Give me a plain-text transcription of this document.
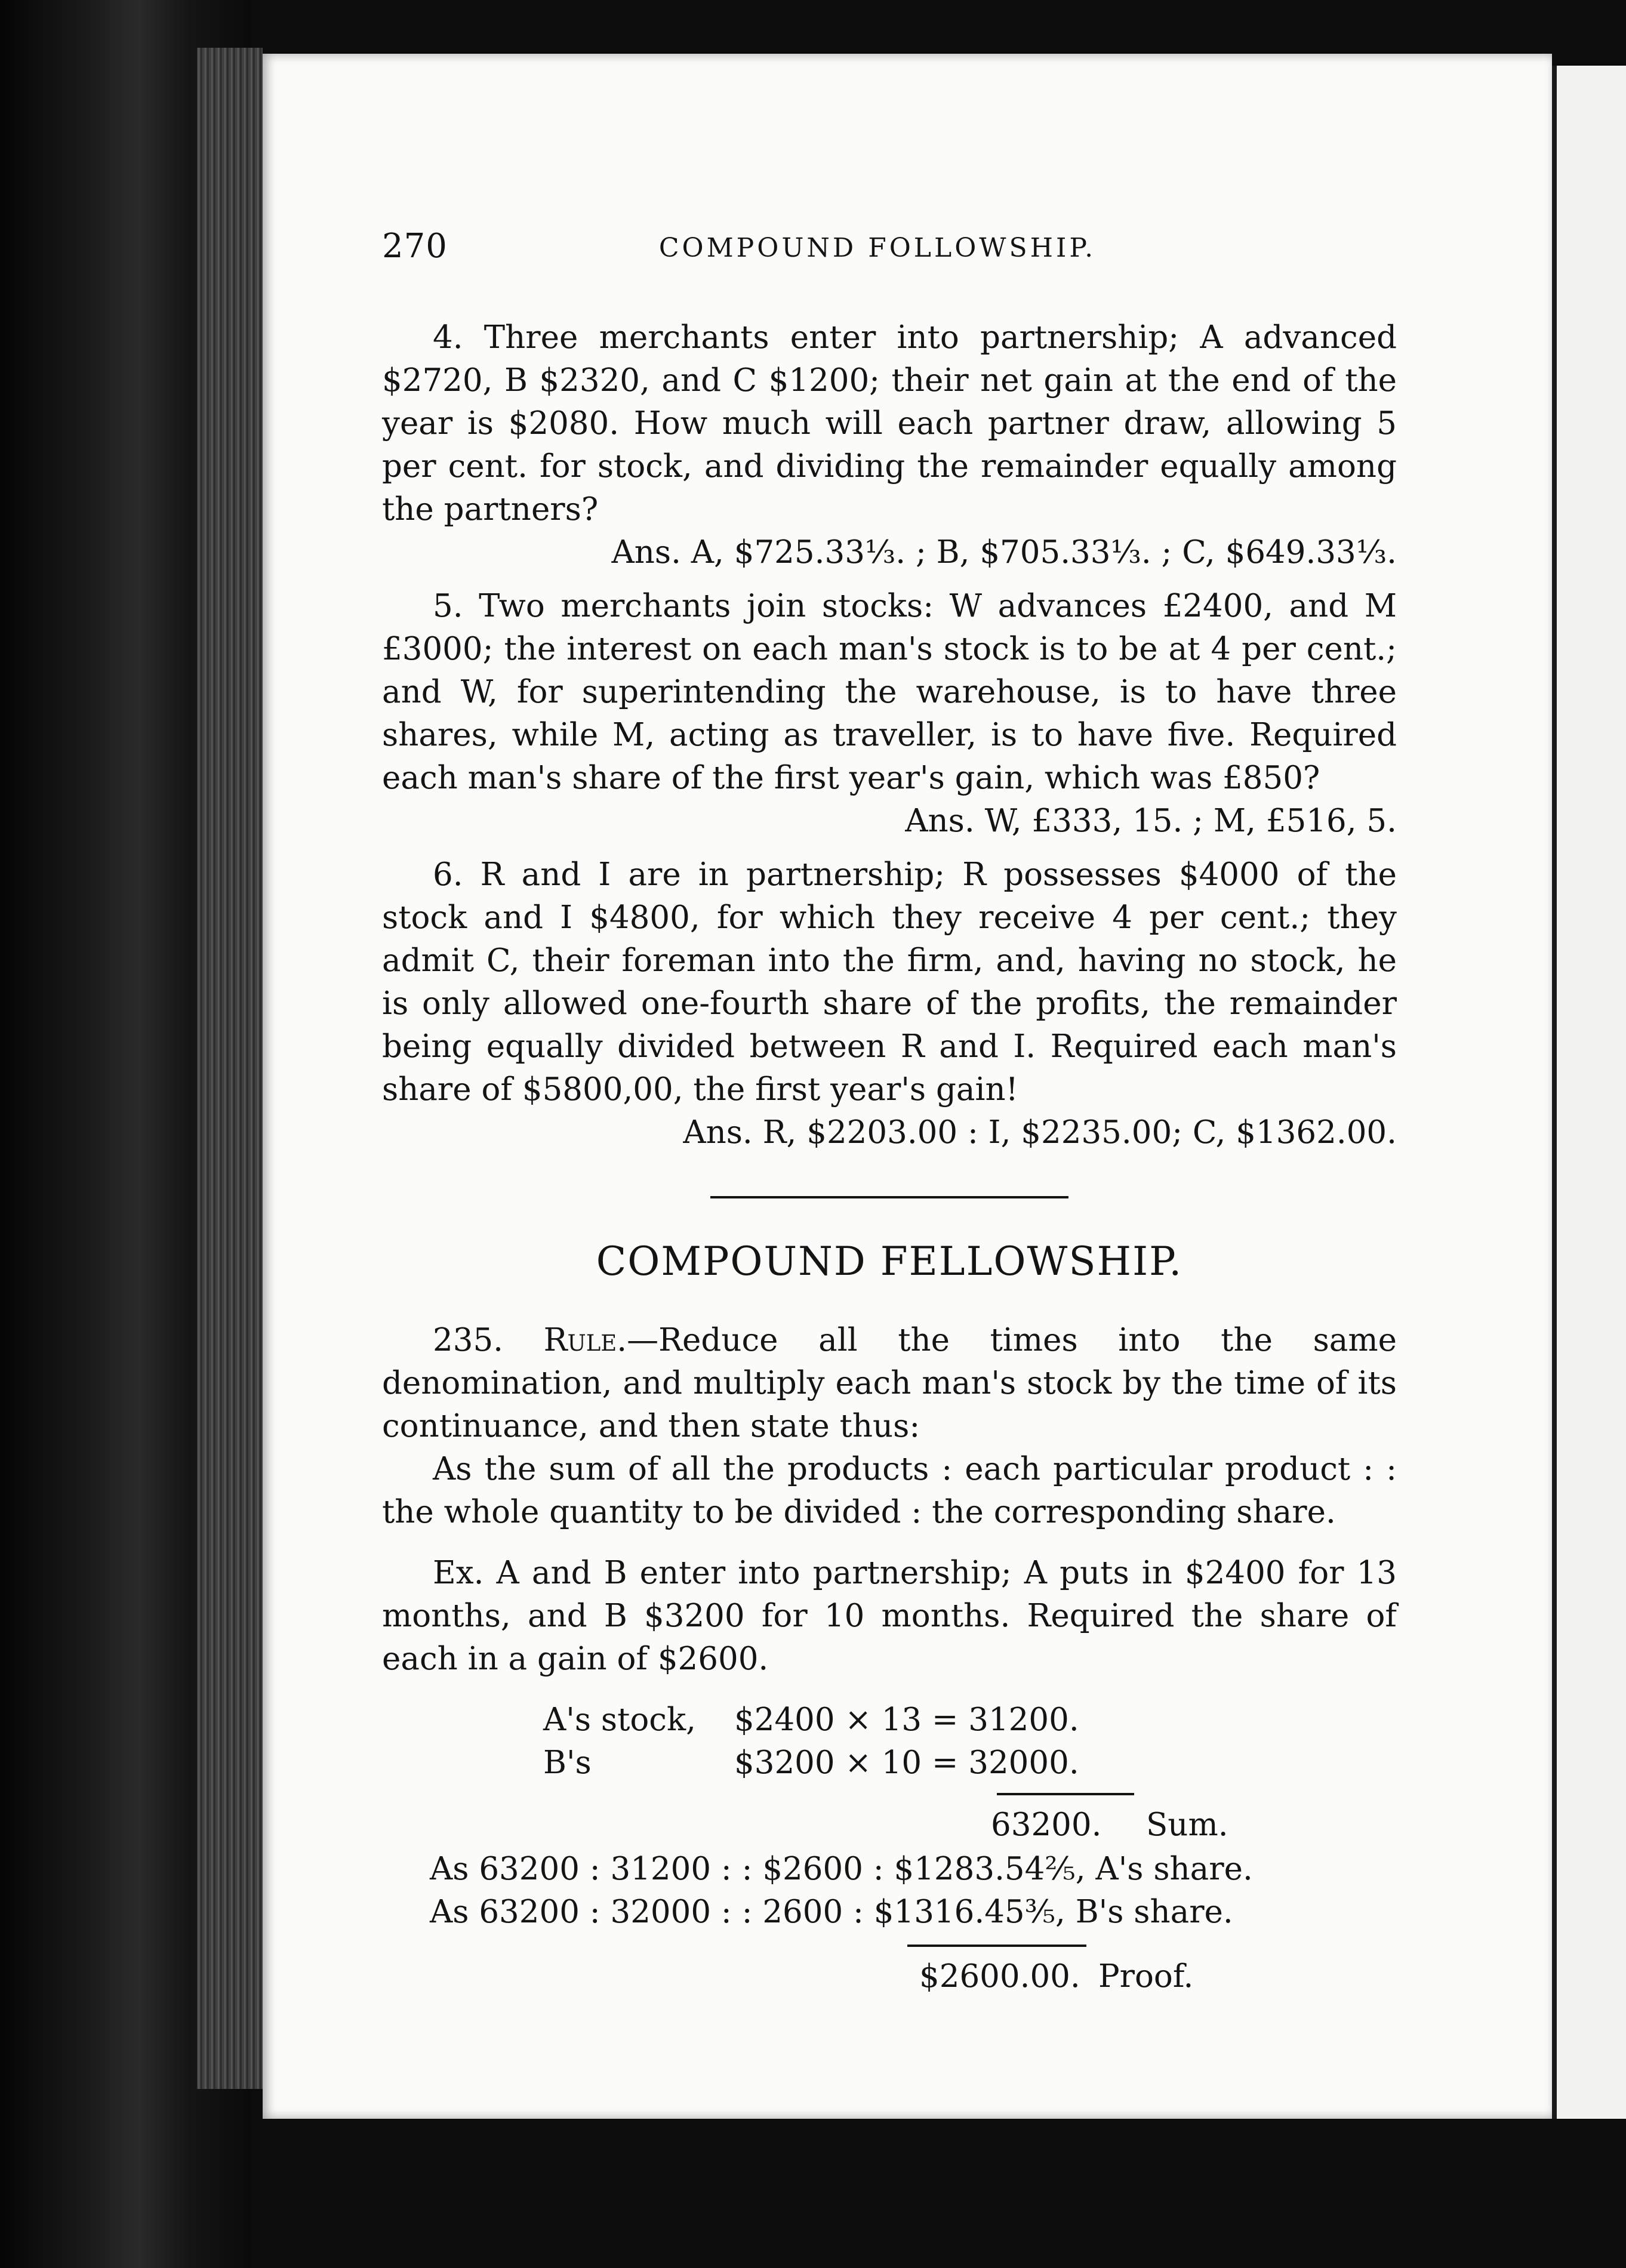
270	COMPOUND FOLLOWSHIP.

4. Three merchants enter into partnership; A advanced $2720, B $2320, and C $1200; their net gain at the end of the year is $2080. How much will each partner draw, allowing 5 per cent. for stock, and dividing the remainder equally among the partners?

Ans. A, $725.33⅓. ; B, $705.33⅓. ; C, $649.33⅓.

5. Two merchants join stocks: W advances £2400, and M £3000; the interest on each man's stock is to be at 4 per cent.; and W, for superintending the warehouse, is to have three shares, while M, acting as traveller, is to have five. Required each man's share of the first year's gain, which was £850?

Ans. W, £333, 15. ; M, £516, 5.

6. R and I are in partnership; R possesses $4000 of the stock and I $4800, for which they receive 4 per cent.; they admit C, their foreman into the firm, and, having no stock, he is only allowed one-fourth share of the profits, the remainder being equally divided between R and I. Required each man's share of $5800,00, the first year's gain!

Ans. R, $2203.00 : I, $2235.00; C, $1362.00.

COMPOUND FELLOWSHIP.

235. Rule.—Reduce all the times into the same denomination, and multiply each man's stock by the time of its continuance, and then state thus:

As the sum of all the products : each particular product : : the whole quantity to be divided : the corresponding share.

Ex. A and B enter into partnership; A puts in $2400 for 13 months, and B $3200 for 10 months. Required the share of each in a gain of $2600.

A's stock, $2400 × 13 = 31200.
B's	$3200 × 10 = 32000.
63200. Sum.
As 63200 : 31200 : : $2600 : $1283.54⅖, A's share.
As 63200 : 32000 : : 2600 : $1316.45⅗, B's share.
$2600.00. Proof.
